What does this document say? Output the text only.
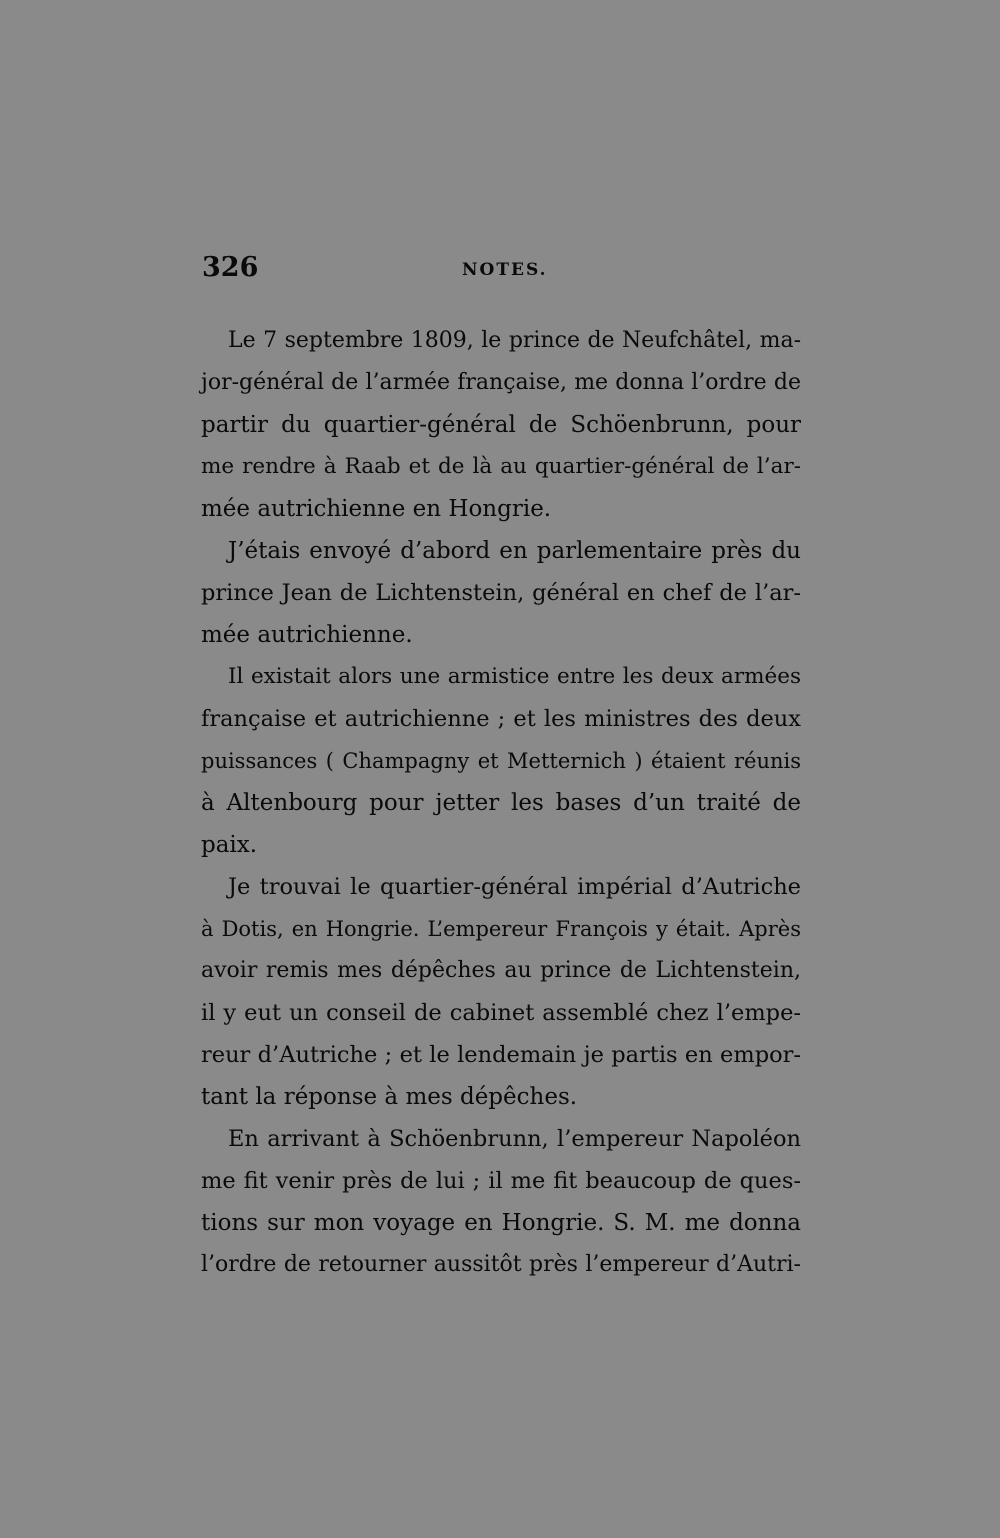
326	NOTES.
Le 7 septembre 1809, le prince de Neufchâtel, ma-
jor-général de l’armée française, me donna l’ordre de
partir du quartier-général de Schöenbrunn, pour
me rendre à Raab et de là au quartier-général de l’ar-
mée autrichienne en Hongrie.
J’étais envoyé d’abord en parlementaire près du
prince Jean de Lichtenstein, général en chef de l’ar-
mée autrichienne.
Il existait alors une armistice entre les deux armées
française et autrichienne ; et les ministres des deux
puissances ( Champagny et Metternich ) étaient réunis
à Altenbourg pour jetter les bases d’un traité de
paix.
Je trouvai le quartier-général impérial d’Autriche
à Dotis, en Hongrie. L’empereur François y était. Après
avoir remis mes dépêches au prince de Lichtenstein,
il y eut un conseil de cabinet assemblé chez l’empe-
reur d’Autriche ; et le lendemain je partis en empor-
tant la réponse à mes dépêches.
En arrivant à Schöenbrunn, l’empereur Napoléon
me fit venir près de lui ; il me fit beaucoup de ques-
tions sur mon voyage en Hongrie. S. M. me donna
l’ordre de retourner aussitôt près l’empereur d’Autri-
